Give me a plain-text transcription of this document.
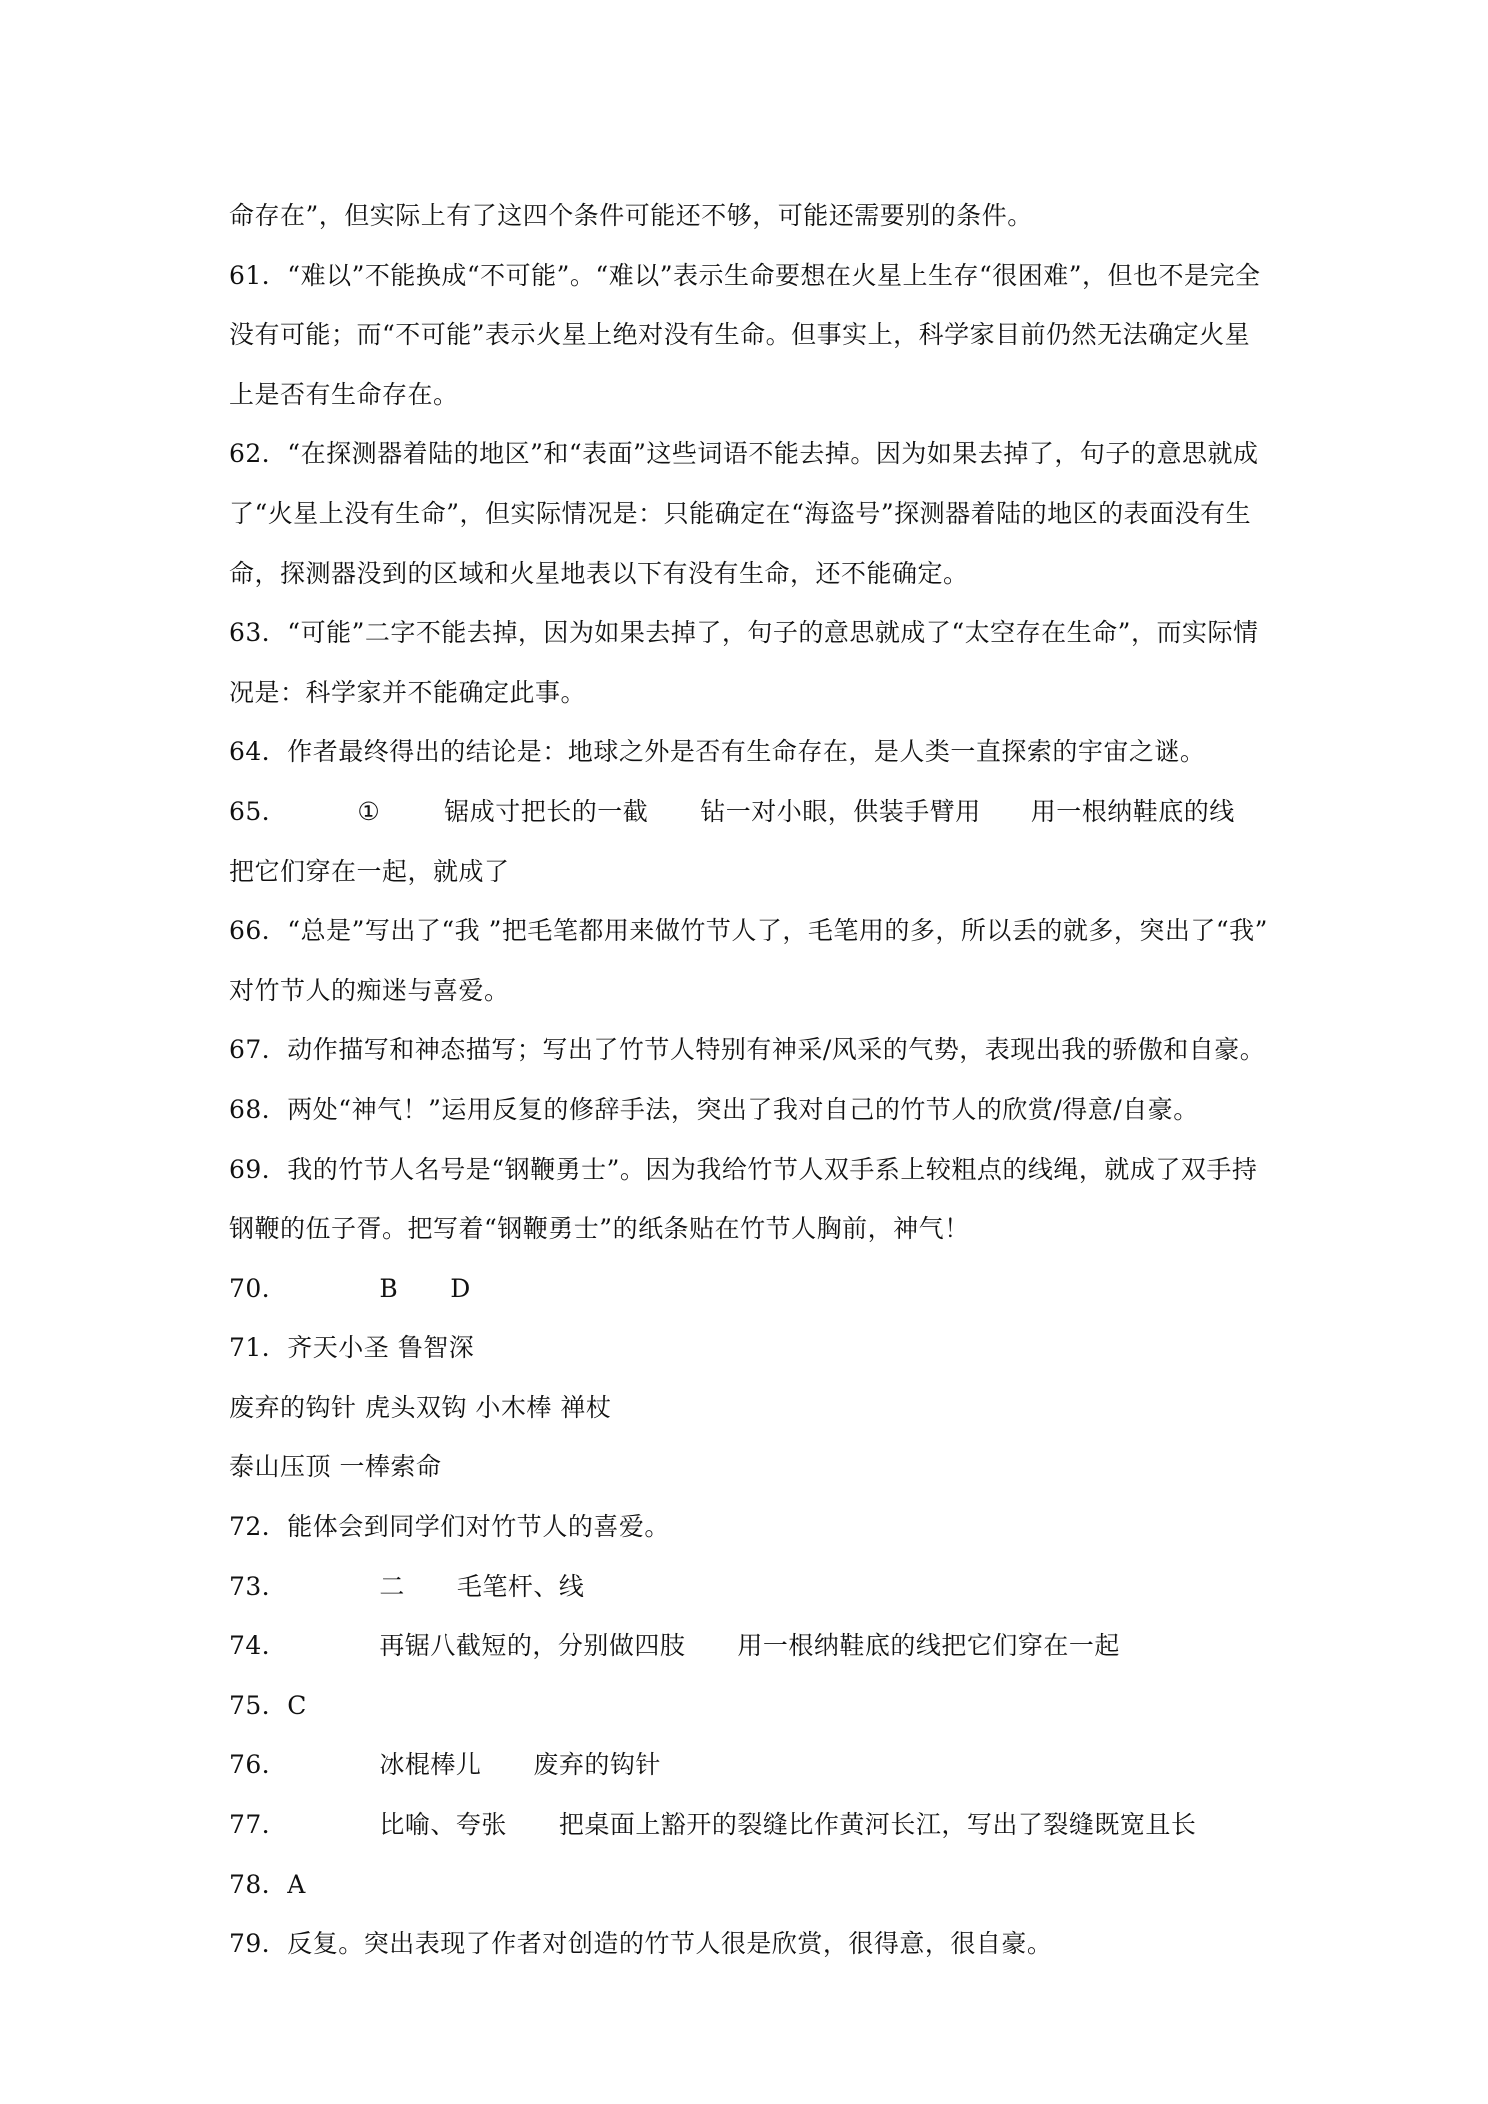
命存在”，但实际上有了这四个条件可能还不够，可能还需要别的条件。
61．“难以”不能换成“不可能”。“难以”表示生命要想在火星上生存“很困难”，但也不是完全
没有可能；而“不可能”表示火星上绝对没有生命。但事实上，科学家目前仍然无法确定火星
上是否有生命存在。
62．“在探测器着陆的地区”和“表面”这些词语不能去掉。因为如果去掉了，句子的意思就成
了“火星上没有生命”，但实际情况是：只能确定在“海盗号”探测器着陆的地区的表面没有生
命，探测器没到的区域和火星地表以下有没有生命，还不能确定。
63．“可能”二字不能去掉，因为如果去掉了，句子的意思就成了“太空存在生命”，而实际情
况是：科学家并不能确定此事。
64．作者最终得出的结论是：地球之外是否有生命存在，是人类一直探索的宇宙之谜。
65．	①	锯成寸把长的一截 钻一对小眼，供装手臂用 用一根纳鞋底的线
把它们穿在一起，就成了
66．“总是”写出了“我 ”把毛笔都用来做竹节人了，毛笔用的多，所以丢的就多，突出了“我”
对竹节人的痴迷与喜爱。
67．动作描写和神态描写；写出了竹节人特别有神采/风采的气势，表现出我的骄傲和自豪。
68．两处“神气！”运用反复的修辞手法，突出了我对自己的竹节人的欣赏/得意/自豪。
69．我的竹节人名号是“钢鞭勇士”。因为我给竹节人双手系上较粗点的线绳，就成了双手持
钢鞭的伍子胥。把写着“钢鞭勇士”的纸条贴在竹节人胸前，神气！
70．	B D
71．齐天小圣 鲁智深
废弃的钩针 虎头双钩 小木棒 禅杖
泰山压顶 一棒索命
72．能体会到同学们对竹节人的喜爱。
73．	二 毛笔杆、线
74．	再锯八截短的，分别做四肢 用一根纳鞋底的线把它们穿在一起
75．C
76．	冰棍棒儿 废弃的钩针
77．	比喻、夸张 把桌面上豁开的裂缝比作黄河长江，写出了裂缝既宽且长
78．A
79．反复。突出表现了作者对创造的竹节人很是欣赏，很得意，很自豪。
